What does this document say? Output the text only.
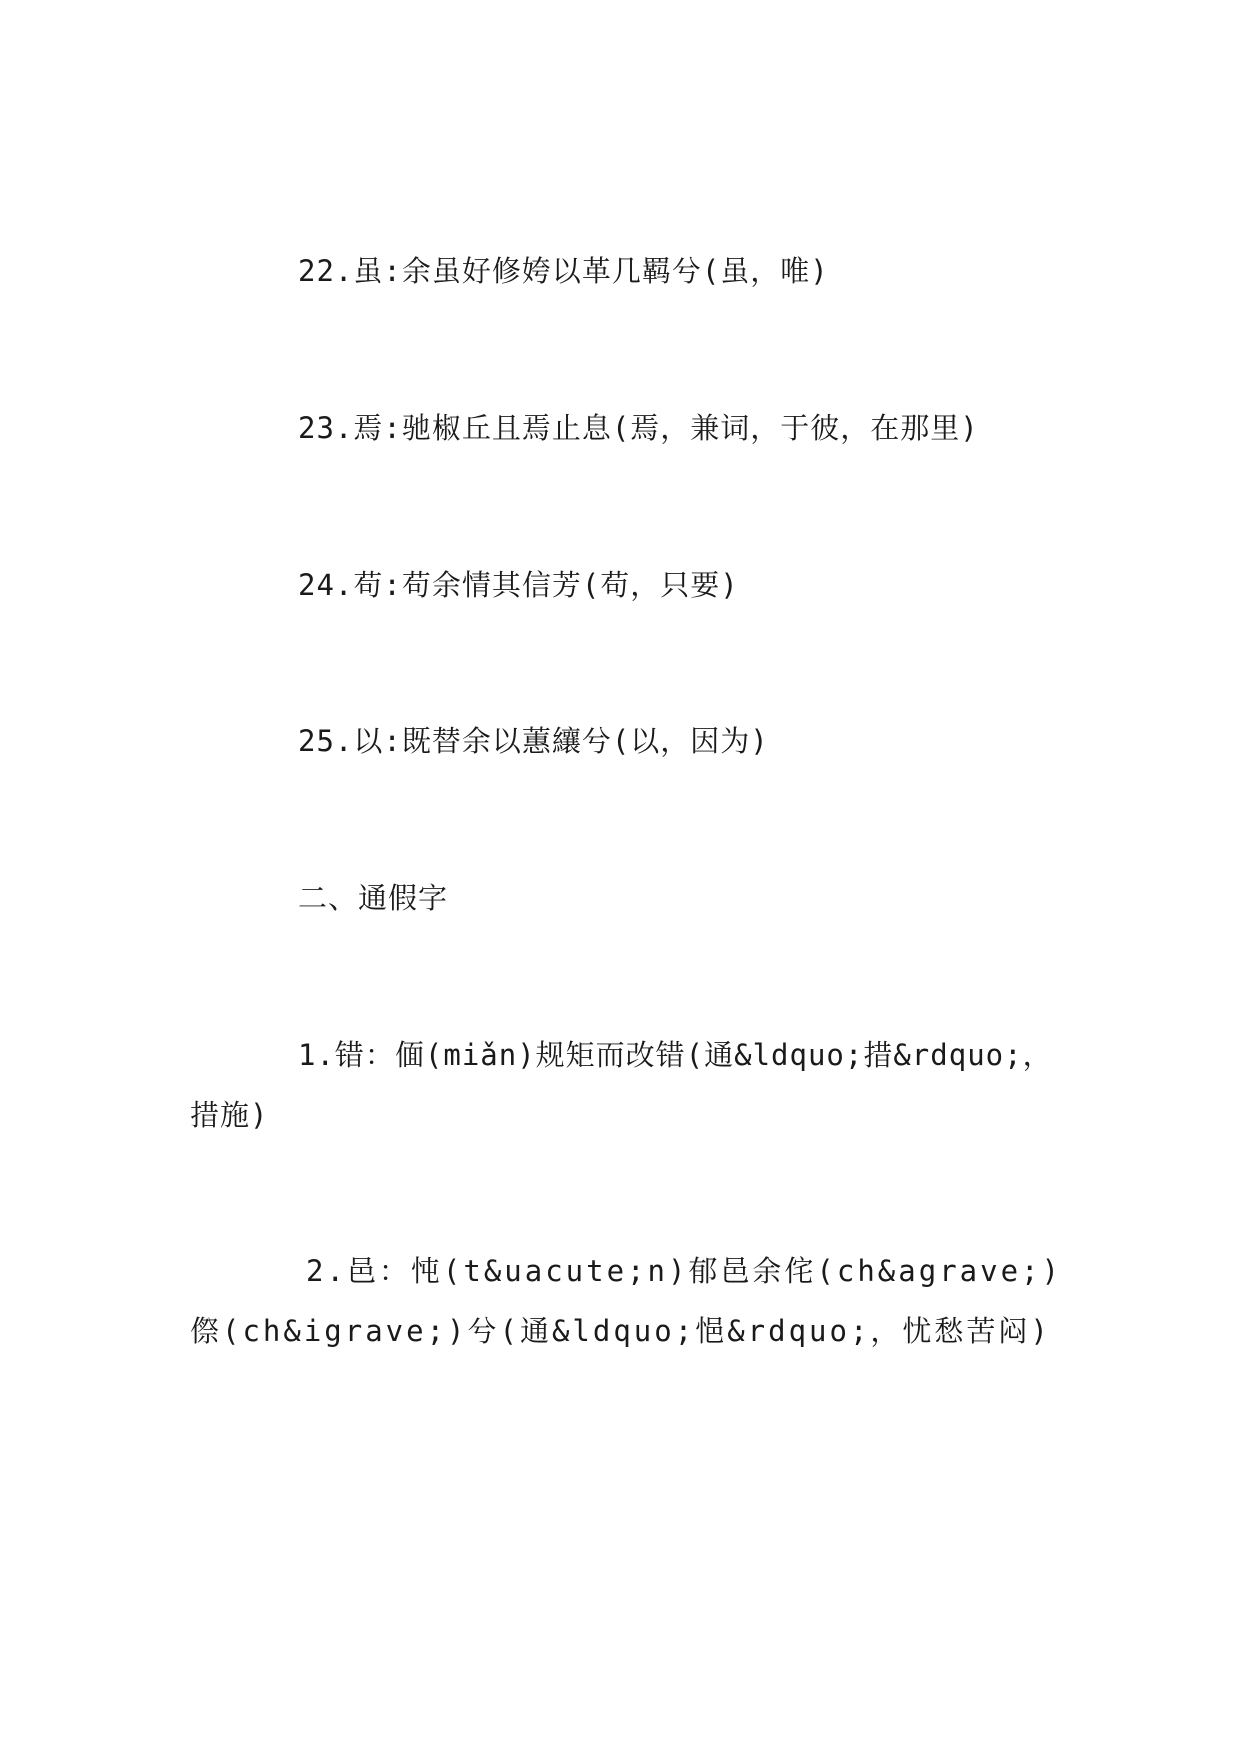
22.虽:余虽好修姱以革几羁兮(虽，唯)
23.焉:驰椒丘且焉止息(焉，兼词，于彼，在那里)
24.苟:苟余情其信芳(苟，只要)
25.以:既替余以蕙纕兮(以，因为)
二、通假字
1.错：偭(miǎn)规矩而改错(通&ldquo;措&rdquo;，措施)
2.邑：忳(t&uacute;n)郁邑余侘(ch&agrave;)傺(ch&igrave;)兮(通&ldquo;悒&rdquo;，忧愁苦闷)
